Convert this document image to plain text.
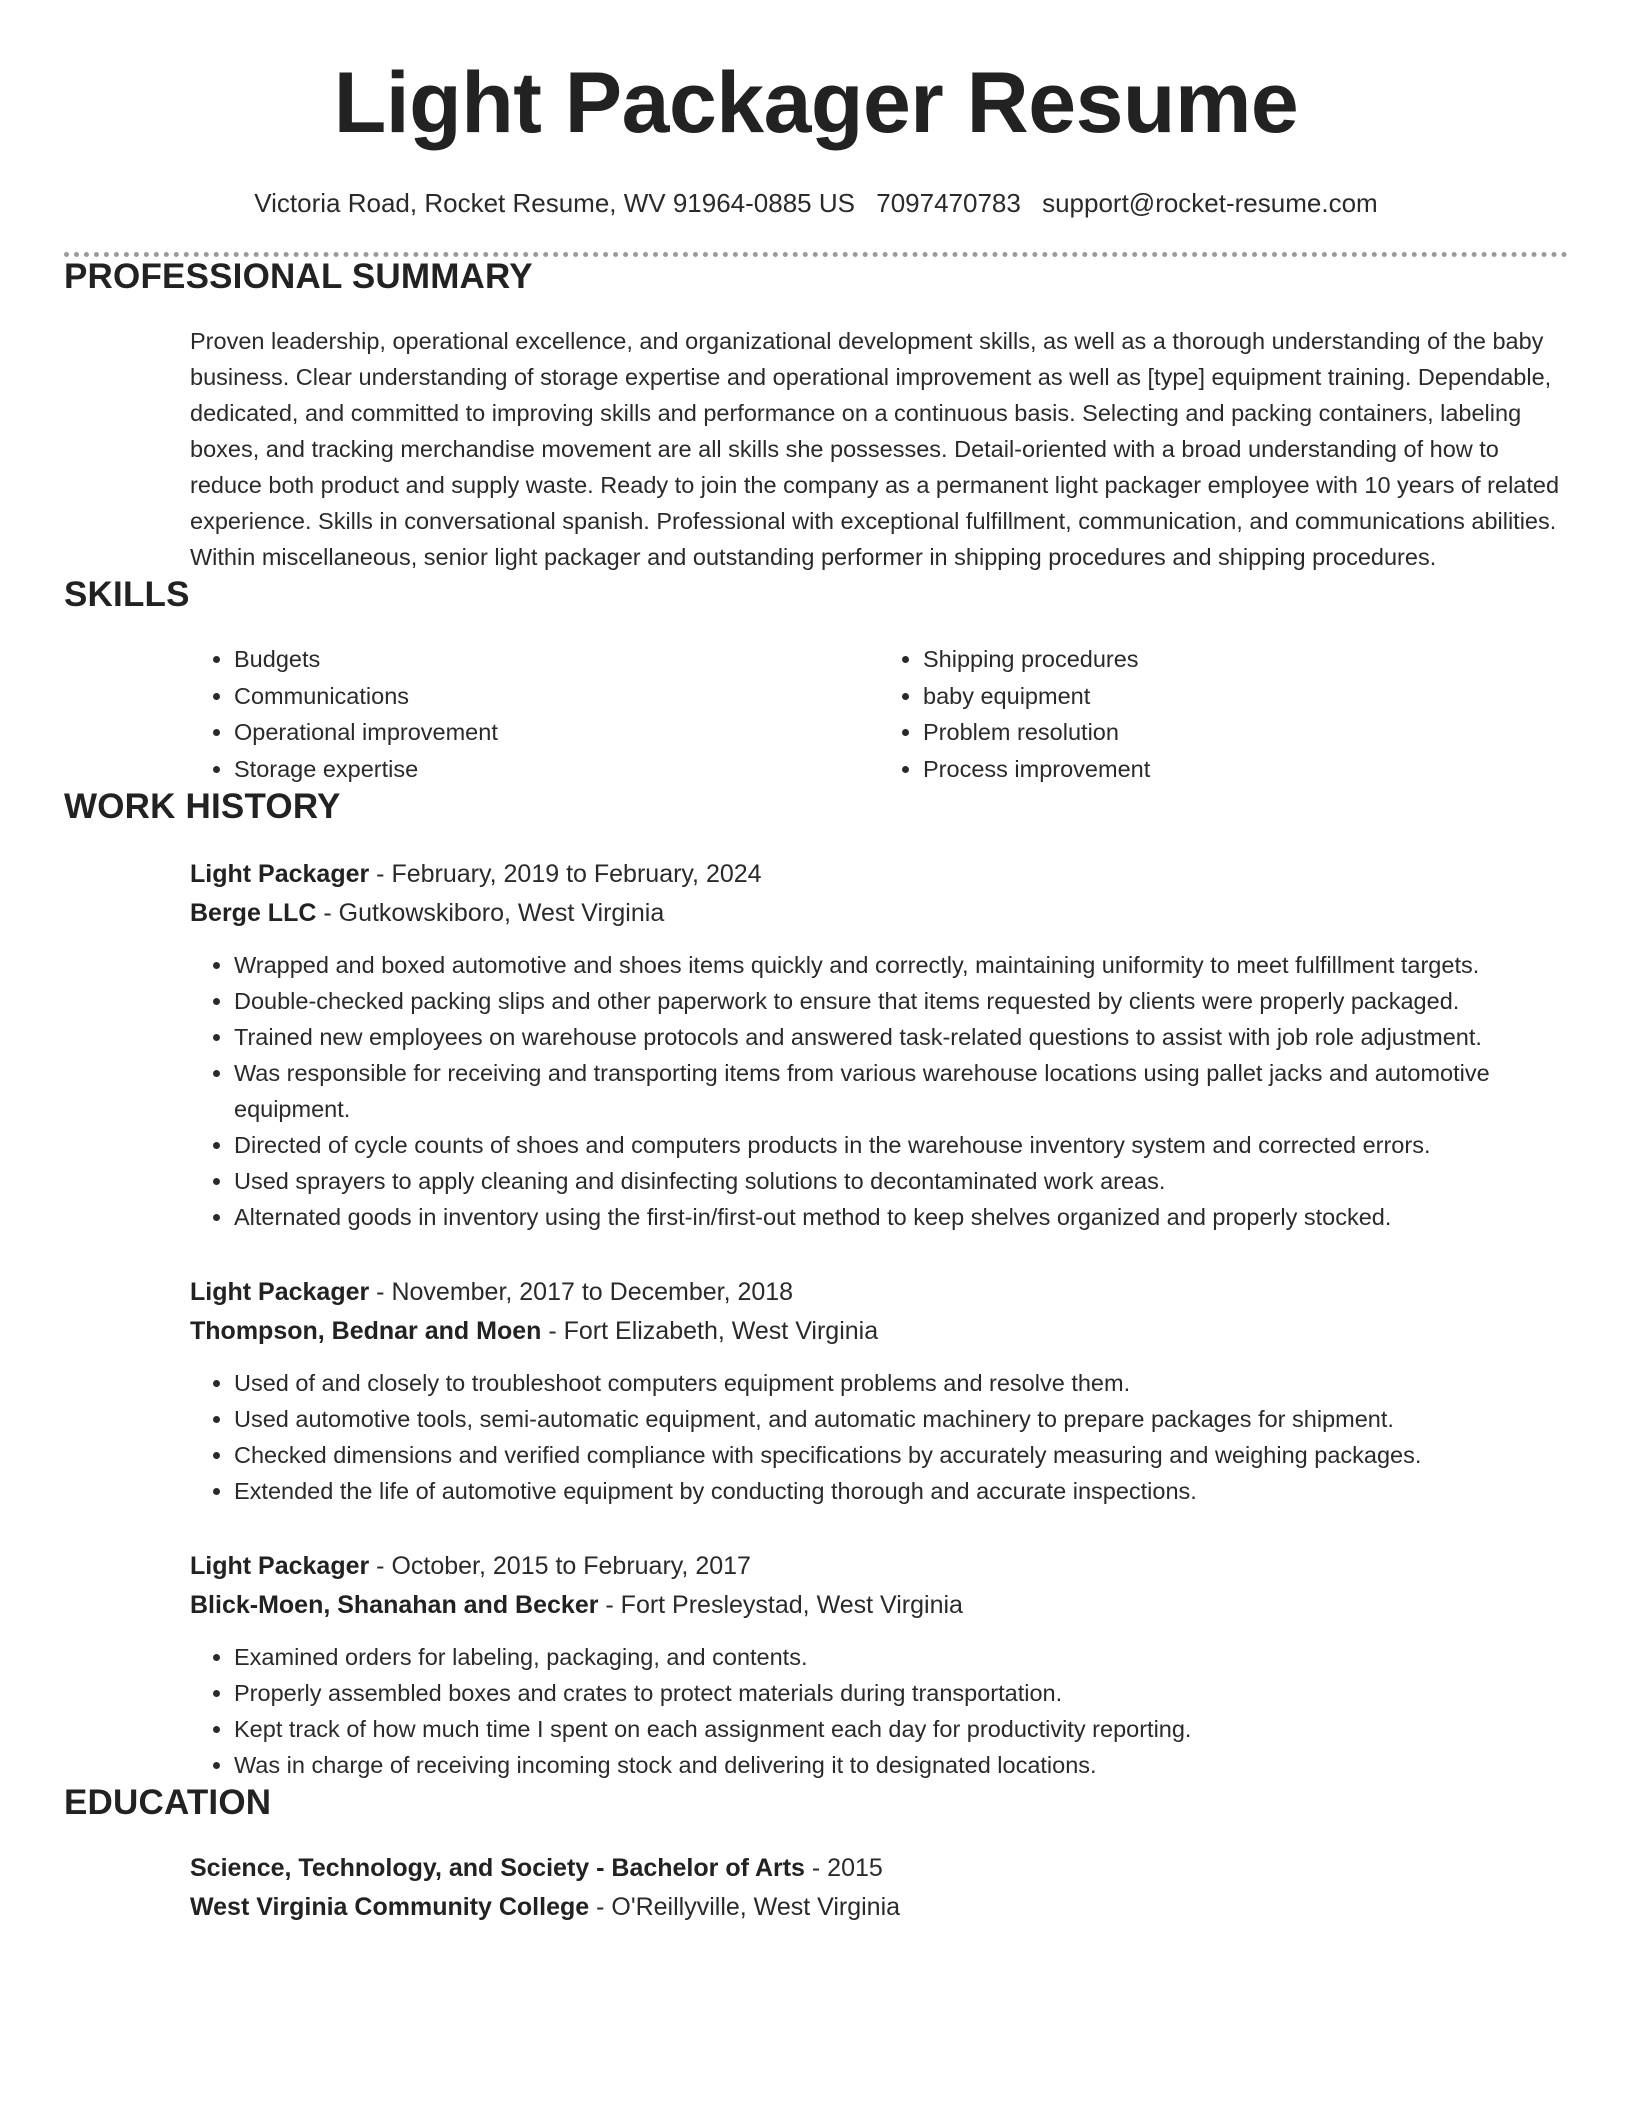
Light Packager Resume
Victoria Road, Rocket Resume, WV 91964-0885 US 7097470783 support@rocket-resume.com
PROFESSIONAL SUMMARY
Proven leadership, operational excellence, and organizational development skills, as well as a thorough understanding of the baby business. Clear understanding of storage expertise and operational improvement as well as [type] equipment training. Dependable, dedicated, and committed to improving skills and performance on a continuous basis. Selecting and packing containers, labeling boxes, and tracking merchandise movement are all skills she possesses. Detail-oriented with a broad understanding of how to reduce both product and supply waste. Ready to join the company as a permanent light packager employee with 10 years of related experience. Skills in conversational spanish. Professional with exceptional fulfillment, communication, and communications abilities. Within miscellaneous, senior light packager and outstanding performer in shipping procedures and shipping procedures.
SKILLS
• Budgets
• Communications
• Operational improvement
• Storage expertise
• Shipping procedures
• baby equipment
• Problem resolution
• Process improvement
WORK HISTORY
Light Packager - February, 2019 to February, 2024
Berge LLC - Gutkowskiboro, West Virginia
• Wrapped and boxed automotive and shoes items quickly and correctly, maintaining uniformity to meet fulfillment targets.
• Double-checked packing slips and other paperwork to ensure that items requested by clients were properly packaged.
• Trained new employees on warehouse protocols and answered task-related questions to assist with job role adjustment.
• Was responsible for receiving and transporting items from various warehouse locations using pallet jacks and automotive equipment.
• Directed of cycle counts of shoes and computers products in the warehouse inventory system and corrected errors.
• Used sprayers to apply cleaning and disinfecting solutions to decontaminated work areas.
• Alternated goods in inventory using the first-in/first-out method to keep shelves organized and properly stocked.
Light Packager - November, 2017 to December, 2018
Thompson, Bednar and Moen - Fort Elizabeth, West Virginia
• Used of and closely to troubleshoot computers equipment problems and resolve them.
• Used automotive tools, semi-automatic equipment, and automatic machinery to prepare packages for shipment.
• Checked dimensions and verified compliance with specifications by accurately measuring and weighing packages.
• Extended the life of automotive equipment by conducting thorough and accurate inspections.
Light Packager - October, 2015 to February, 2017
Blick-Moen, Shanahan and Becker - Fort Presleystad, West Virginia
• Examined orders for labeling, packaging, and contents.
• Properly assembled boxes and crates to protect materials during transportation.
• Kept track of how much time I spent on each assignment each day for productivity reporting.
• Was in charge of receiving incoming stock and delivering it to designated locations.
EDUCATION
Science, Technology, and Society - Bachelor of Arts - 2015
West Virginia Community College - O'Reillyville, West Virginia
